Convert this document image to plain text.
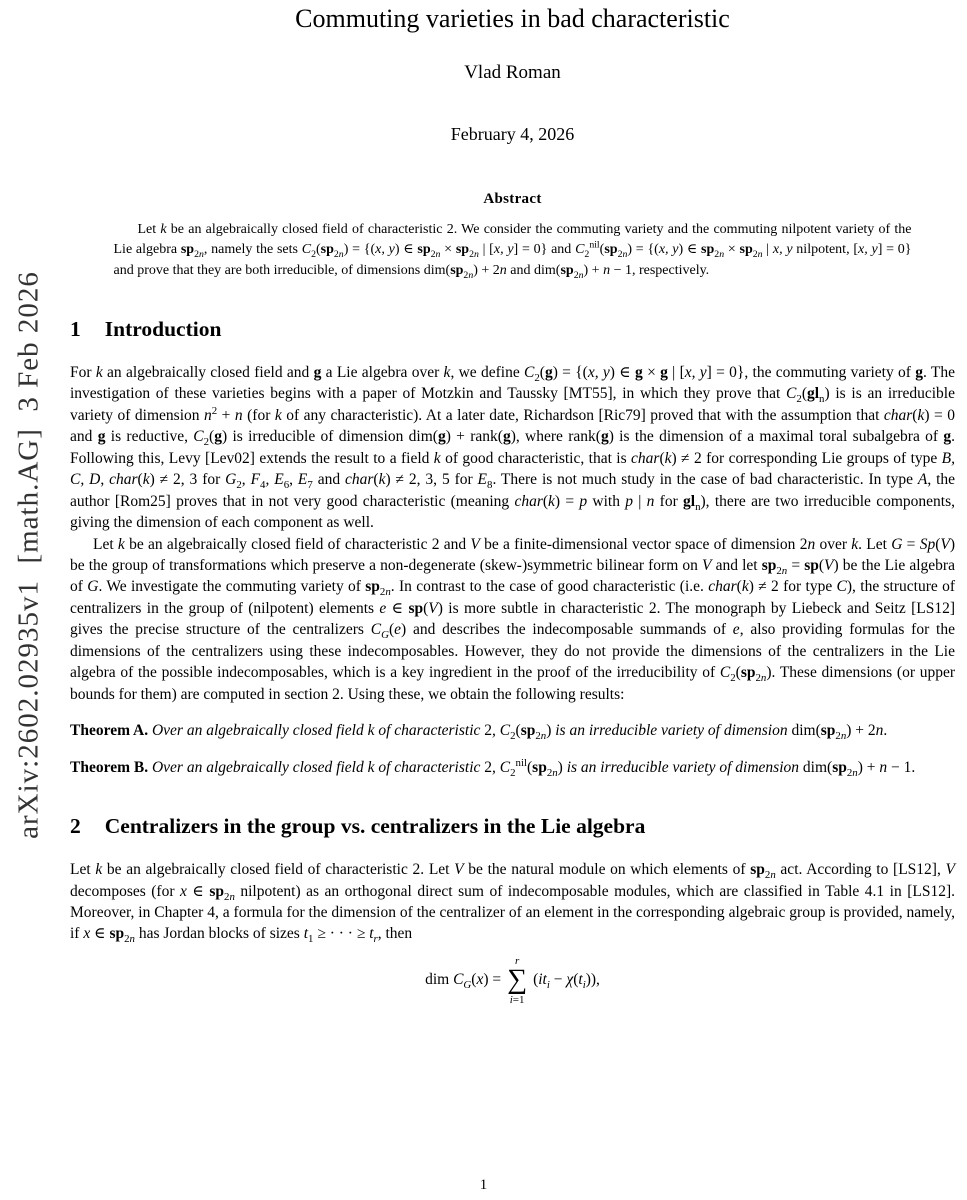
arXiv:2602.02935v1  [math.AG]  3 Feb 2026
Commuting varieties in bad characteristic
Vlad Roman
February 4, 2026
Abstract

Let k be an algebraically closed field of characteristic 2. We consider the commuting variety and the commuting nilpotent variety of the Lie algebra $sp_{2n}$, namely the sets $C_2(sp_{2n}) = \{(x$, y) ∈ $sp_{2n} \times sp_{2n}$ | [x, y] = 0} and $C_2^{nil}(sp_{2n}) = \{(x$, y) ∈ $sp_{2n} \times sp_{2n}$ | x, y nilpotent, [x, y] = 0} and prove that they are both irreducible, of dimensions $dim(sp_{2n}) + 2n$ and $dim(sp_{2n}) + n - 1$, respectively.

1 Introduction

For k an algebraically closed field and g a Lie algebra over k, we define $C_2(g) = \{(x$, y) ∈ g × g | [x, y] = 0}, the commuting variety of g. The investigation of these varieties begins with a paper of Motzkin and Taussky [MT55], in which they prove that $C_2(gl_n)$ is is an irreducible variety of dimension $n^2 + n$ (for k of any characteristic). At a later date, Richardson [Ric79] proved that with the assumption that char(k) = 0 and g is reductive, $C_2(g)$ is irreducible of dimension dim(g) + rank(g), where rank(g) is the dimension of a maximal toral subalgebra of g. Following this, Levy [Lev02] extends the result to a field k of good characteristic, that is char(k) ≠ 2 for corresponding Lie groups of type B, C, D, char(k) ≠ 2, 3 for $G_2$, $F_4$, $E_6$, $E_7$ and char(k) ≠ 2, 3, 5 for $E_8$. There is not much study in the case of bad characteristic. In type A, the author [Rom25] proves that in not very good characteristic (meaning char(k) = p with p | n for $gl_n$), there are two irreducible components, giving the dimension of each component as well.

Let k be an algebraically closed field of characteristic 2 and V be a finite-dimensional vector space of dimension 2n over k. Let G = Sp(V) be the group of transformations which preserve a non-degenerate (skew-)symmetric bilinear form on V and let $sp_{2n} = sp(V)$ be the Lie algebra of G. We investigate the commuting variety of $sp_{2n}$. In contrast to the case of good characteristic (i.e. char(k) ≠ 2 for type C), the structure of centralizers in the group of (nilpotent) elements e ∈ sp(V) is more subtle in characteristic 2. The monograph by Liebeck and Seitz [LS12] gives the precise structure of the centralizers $C_G(e)$ and describes the indecomposable summands of e, also providing formulas for the dimensions of the centralizers using these indecomposables. However, they do not provide the dimensions of the centralizers in the Lie algebra of the possible indecomposables, which is a key ingredient in the proof of the irreducibility of $C_2(sp_{2n})$. These dimensions (or upper bounds for them) are computed in section 2. Using these, we obtain the following results:

Theorem A. Over an algebraically closed field k of characteristic 2, $C_2(sp_{2n})$ is an irreducible variety of dimension $dim(sp_{2n}) + 2n$.

Theorem B. Over an algebraically closed field k of characteristic 2, $C_2^{nil}(sp_{2n})$ is an irreducible variety of dimension $dim(sp_{2n}) + n - 1$.

2 Centralizers in the group vs. centralizers in the Lie algebra

Let k be an algebraically closed field of characteristic 2. Let V be the natural module on which elements of $sp_{2n}$ act. According to [LS12], V decomposes (for x ∈ $sp_{2n}$ nilpotent) as an orthogonal direct sum of indecomposable modules, which are classified in Table 4.1 in [LS12]. Moreover, in Chapter 4, a formula for the dimension of the centralizer of an element in the corresponding algebraic group is provided, namely, if x ∈ $sp_{2n}$ has Jordan blocks of sizes $t_1$ ≥ · · · ≥ $t_r$, then

dim $C_G(x)$ =
r
∑
i=1
$(it_i - \chi(t_i))$,
1
